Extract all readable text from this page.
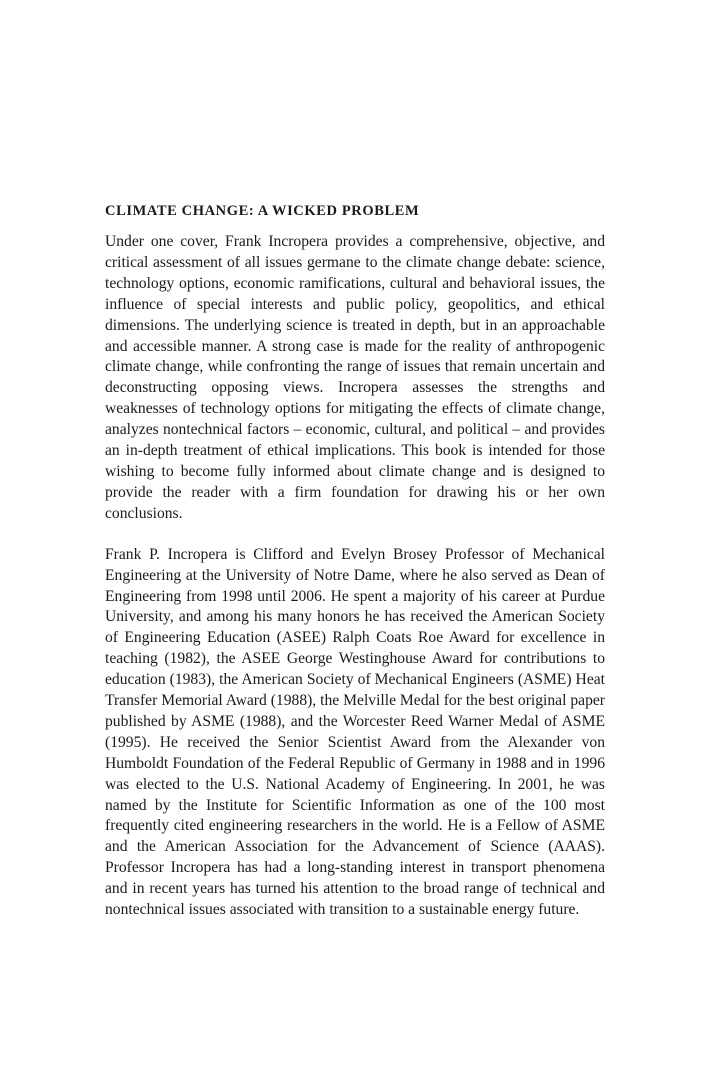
CLIMATE CHANGE: A WICKED PROBLEM

Under one cover, Frank Incropera provides a comprehensive, objective, and critical assessment of all issues germane to the climate change debate: science, technology options, economic ramifications, cultural and behavioral issues, the influence of special interests and public policy, geopolitics, and ethical dimensions. The underlying science is treated in depth, but in an approachable and accessible manner. A strong case is made for the reality of anthropogenic climate change, while confronting the range of issues that remain uncertain and deconstructing opposing views. Incropera assesses the strengths and weaknesses of technology options for mitigating the effects of climate change, analyzes nontechnical factors – economic, cultural, and political – and provides an in-depth treatment of ethical implications. This book is intended for those wishing to become fully informed about climate change and is designed to provide the reader with a firm foundation for drawing his or her own conclusions.

Frank P. Incropera is Clifford and Evelyn Brosey Professor of Mechanical Engineering at the University of Notre Dame, where he also served as Dean of Engineering from 1998 until 2006. He spent a majority of his career at Purdue University, and among his many honors he has received the American Society of Engineering Education (ASEE) Ralph Coats Roe Award for excellence in teaching (1982), the ASEE George Westinghouse Award for contributions to education (1983), the American Society of Mechanical Engineers (ASME) Heat Transfer Memorial Award (1988), the Melville Medal for the best original paper published by ASME (1988), and the Worcester Reed Warner Medal of ASME (1995). He received the Senior Scientist Award from the Alexander von Humboldt Foundation of the Federal Republic of Germany in 1988 and in 1996 was elected to the U.S. National Academy of Engineering. In 2001, he was named by the Institute for Scientific Information as one of the 100 most frequently cited engineering researchers in the world. He is a Fellow of ASME and the American Association for the Advancement of Science (AAAS). Professor Incropera has had a long-standing interest in transport phenomena and in recent years has turned his attention to the broad range of technical and nontechnical issues associated with transition to a sustainable energy future.
